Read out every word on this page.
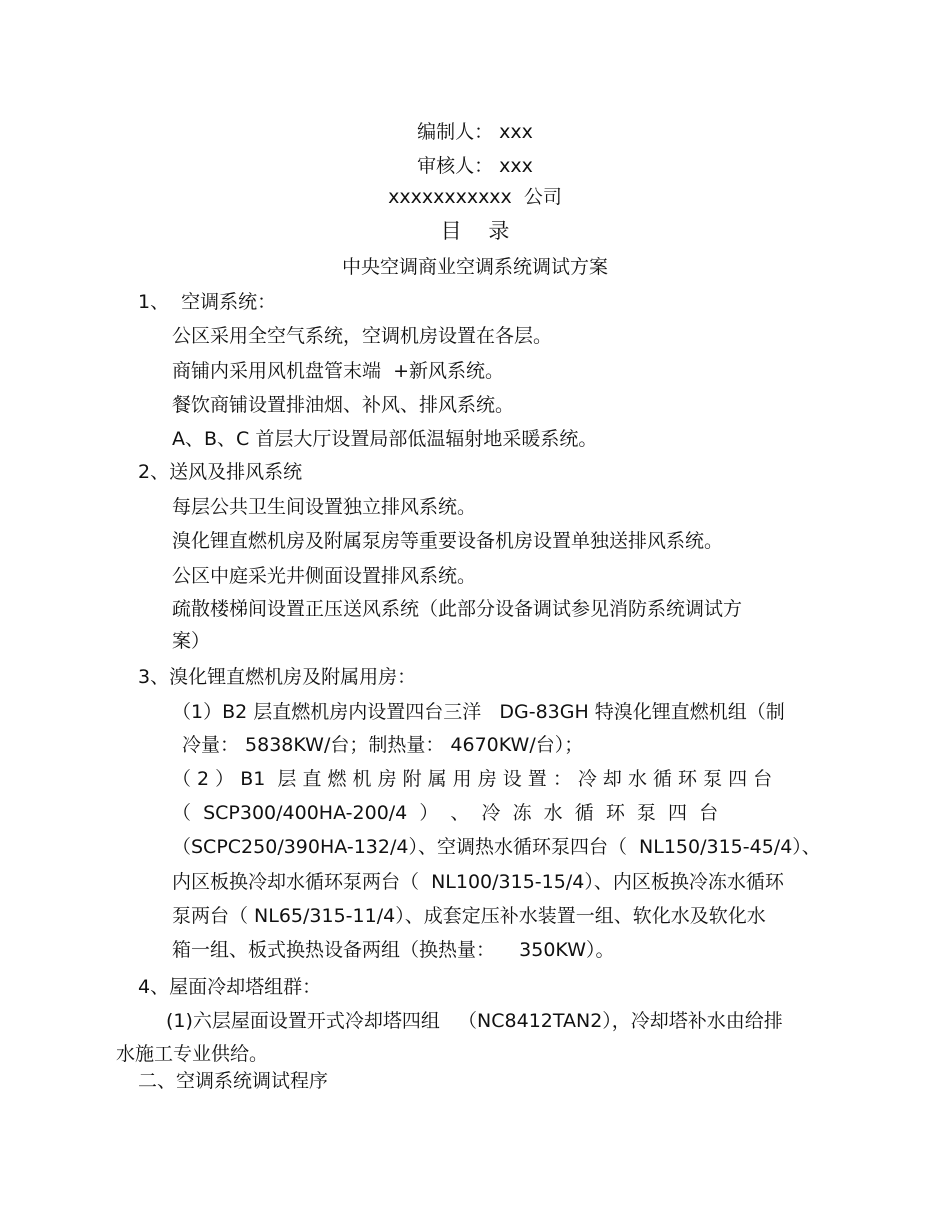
编制人： xxx
审核人： xxx
xxxxxxxxxxx  公司
目    录
中央空调商业空调系统调试方案
1、  空调系统：
公区采用全空气系统，空调机房设置在各层。
商铺内采用风机盘管末端  +新风系统。
餐饮商铺设置排油烟、补风、排风系统。
A、B、C 首层大厅设置局部低温辐射地采暖系统。
2、送风及排风系统
每层公共卫生间设置独立排风系统。
溴化锂直燃机房及附属泵房等重要设备机房设置单独送排风系统。
公区中庭采光井侧面设置排风系统。
疏散楼梯间设置正压送风系统（此部分设备调试参见消防系统调试方
案）
3、溴化锂直燃机房及附属用房：
（1）B2 层直燃机房内设置四台三洋   DG-83GH 特溴化锂直燃机组（制
冷量： 5838KW/台；制热量： 4670KW/台）；
（ 2 ） B1  层 直 燃 机 房 附 属 用 房 设 置 ： 冷 却 水 循 环 泵 四 台
（  SCP300/400HA-200/4  ）  、  冷  冻  水  循  环  泵  四  台
（SCPC250/390HA-132/4）、空调热水循环泵四台（  NL150/315-45/4）、
内区板换冷却水循环泵两台（  NL100/315-15/4）、内区板换冷冻水循环
泵两台（ NL65/315-11/4）、成套定压补水装置一组、软化水及软化水
箱一组、板式换热设备两组（换热量：    350KW）。
4、屋面冷却塔组群：
(1)六层屋面设置开式冷却塔四组   （NC8412TAN2），冷却塔补水由给排
水施工专业供给。
二、空调系统调试程序
